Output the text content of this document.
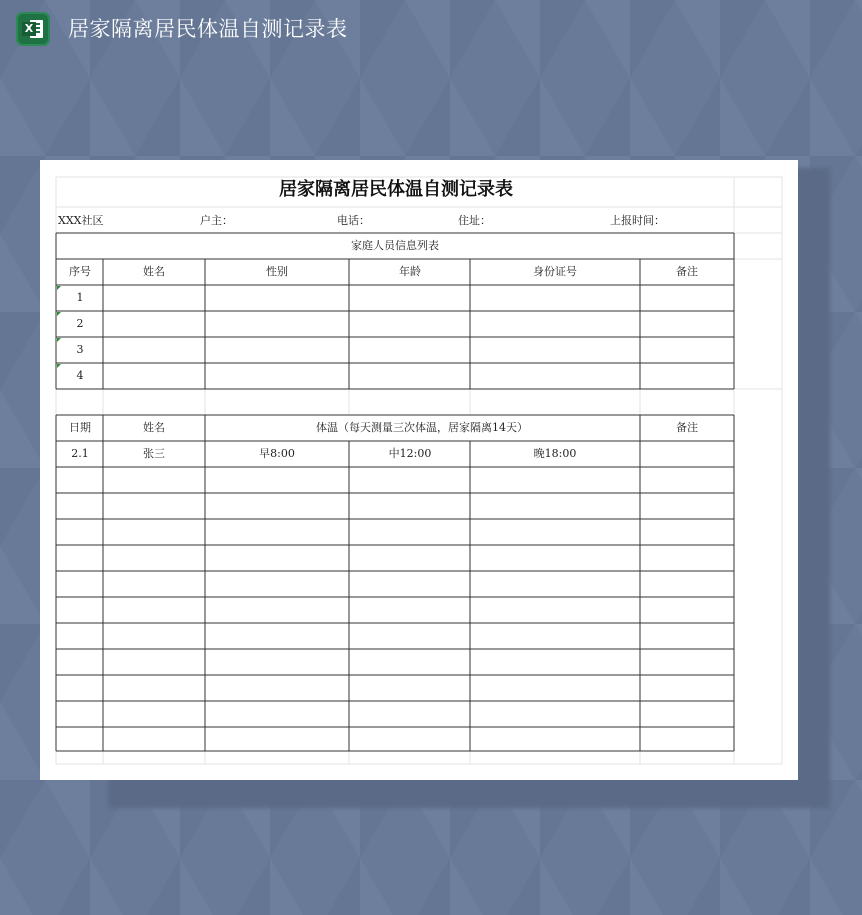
X 居家隔离居民体温自测记录表
居家隔离居民体温自测记录表
XXX社区	户主：	电话：	住址：	上报时间：
家庭人员信息列表
序号	姓名	性别	年龄	身份证号	备注
1
2
3
4
日期	姓名	体温（每天测量三次体温，居家隔离14天）	备注
2.1	张三	早8:00	中12:00	晚18:00
